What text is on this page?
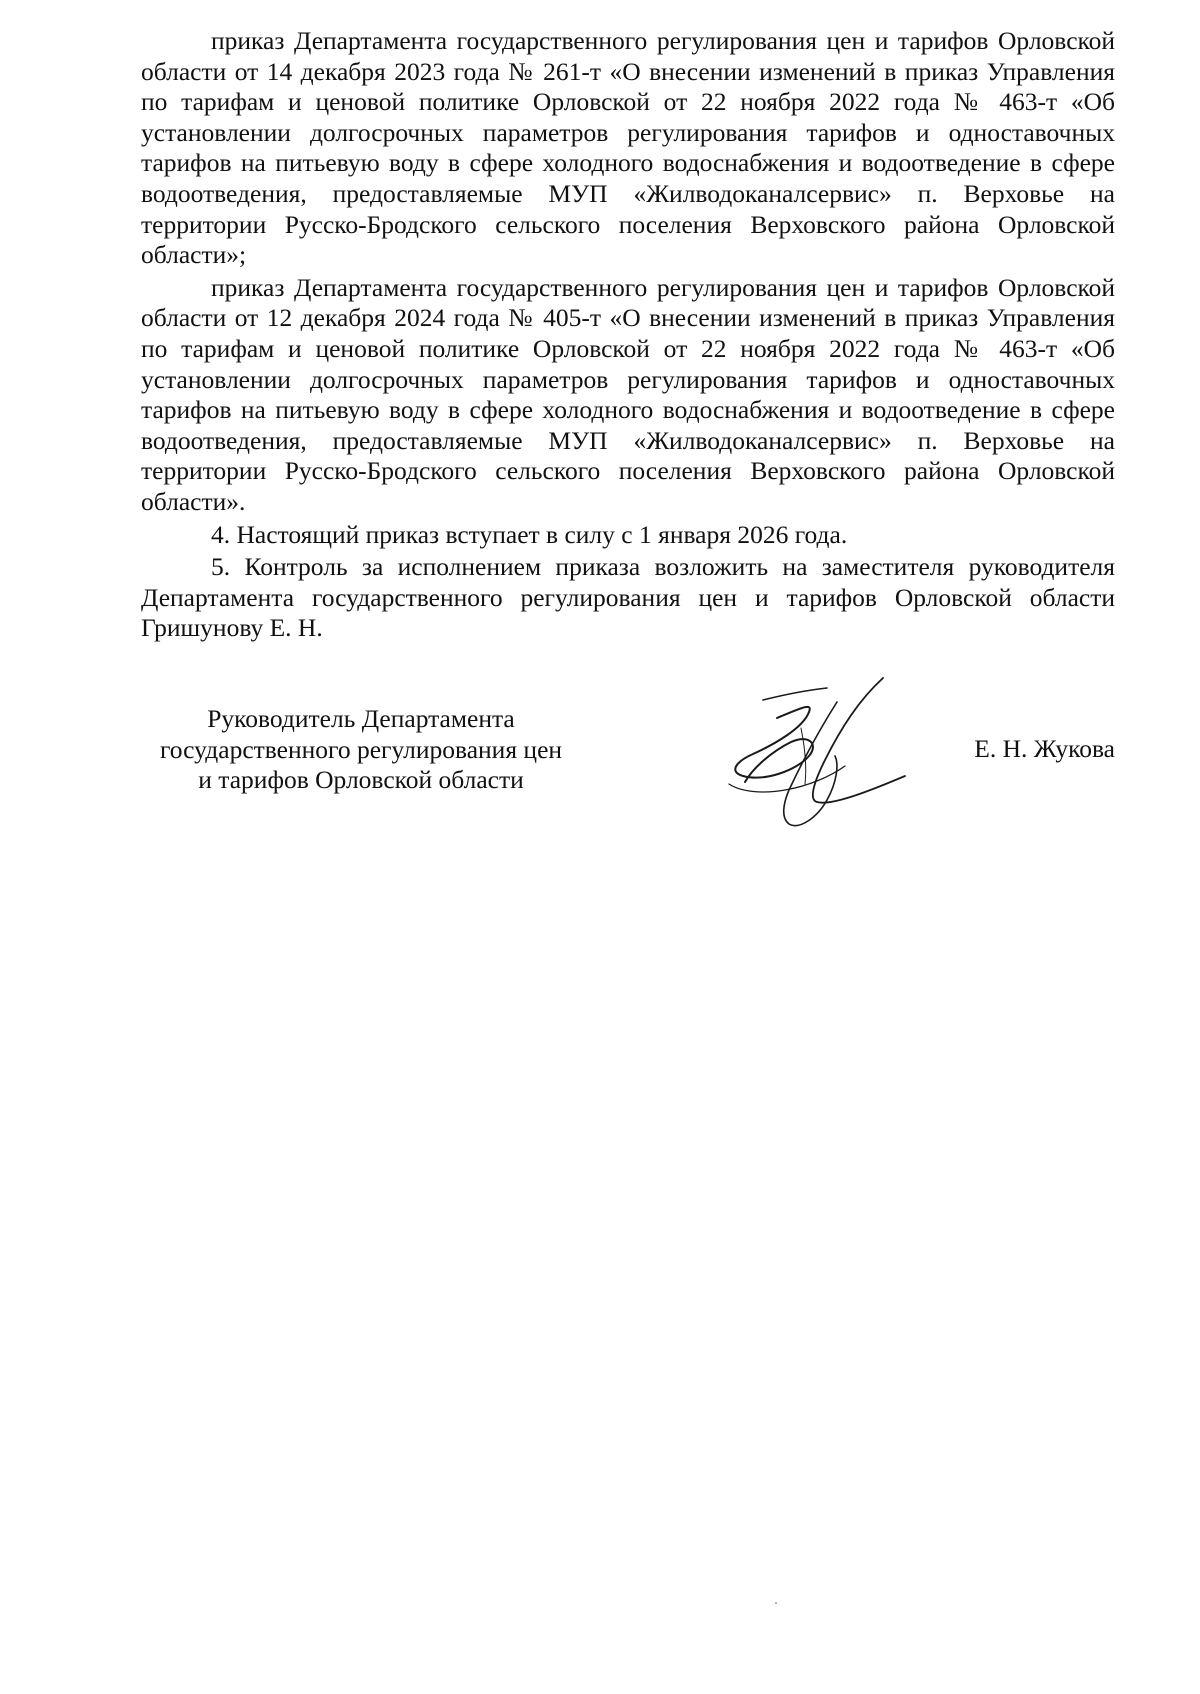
приказ Департамента государственного регулирования цен и тарифов Орловской области от 14 декабря 2023 года № 261-т «О внесении изменений в приказ Управления по тарифам и ценовой политике Орловской от 22 ноября 2022 года № 463-т «Об установлении долгосрочных параметров регулирования тарифов и одноставочных тарифов на питьевую воду в сфере холодного водоснабжения и водоотведение в сфере водоотведения, предоставляемые МУП «Жилводоканалсервис» п. Верховье на территории Русско-Бродского сельского поселения Верховского района Орловской области»;

приказ Департамента государственного регулирования цен и тарифов Орловской области от 12 декабря 2024 года № 405-т «О внесении изменений в приказ Управления по тарифам и ценовой политике Орловской от 22 ноября 2022 года № 463-т «Об установлении долгосрочных параметров регулирования тарифов и одноставочных тарифов на питьевую воду в сфере холодного водоснабжения и водоотведение в сфере водоотведения, предоставляемые МУП «Жилводоканалсервис» п. Верховье на территории Русско-Бродского сельского поселения Верховского района Орловской области».

4. Настоящий приказ вступает в силу с 1 января 2026 года.

5. Контроль за исполнением приказа возложить на заместителя руководителя Департамента государственного регулирования цен и тарифов Орловской области Гришунову Е. Н.

Руководитель Департамента
государственного регулирования цен
и тарифов Орловской области
Е. Н. Жукова
